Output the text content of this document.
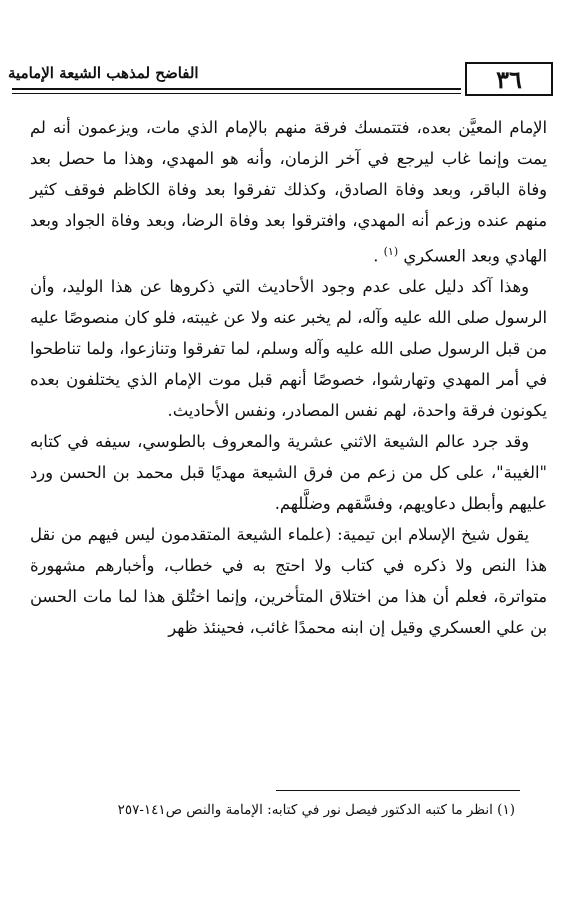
٣٦
الفاضح لمذهب الشيعة الإمامية

الإمام المعيَّن بعده، فتتمسك فرقة منهم بالإمام الذي مات، ويزعمون أنه لم يمت وإنما غاب ليرجع في آخر الزمان، وأنه هو المهدي، وهذا ما حصل بعد وفاة الباقر، وبعد وفاة الصادق، وكذلك تفرقوا بعد وفاة الكاظم فوقف كثير منهم عنده وزعم أنه المهدي، وافترقوا بعد وفاة الرضا، وبعد وفاة الجواد وبعد الهادي وبعد العسكري $^{(١)}$ .

وهذا آكد دليل على عدم وجود الأحاديث التي ذكروها عن هذا الوليد، وأن الرسول صلى الله عليه وآله، لم يخبر عنه ولا عن غيبته، فلو كان منصوصًا عليه من قبل الرسول صلى الله عليه وآله وسلم، لما تفرقوا وتنازعوا، ولما تناطحوا في أمر المهدي وتهارشوا، خصوصًا أنهم قبل موت الإمام الذي يختلفون بعده يكونون فرقة واحدة، لهم نفس المصادر، ونفس الأحاديث.

وقد جرد عالم الشيعة الاثني عشرية والمعروف بالطوسي، سيفه في كتابه "الغيبة"، على كل من زعم من فرق الشيعة مهديًا قبل محمد بن الحسن ورد عليهم وأبطل دعاويهم، وفسَّقهم وضلَّلهم.

يقول شيخ الإسلام ابن تيمية: (علماء الشيعة المتقدمون ليس فيهم من نقل هذا النص ولا ذكره في كتاب ولا احتج به في خطاب، وأخبارهم مشهورة متواترة، فعلم أن هذا من اختلاق المتأخرين، وإنما اختُلق هذا لما مات الحسن بن علي العسكري وقيل إن ابنه محمدًا غائب، فحينئذ ظهر

(١) انظر ما كتبه الدكتور فيصل نور في كتابه: الإمامة والنص ص١٤١-٢٥٧
